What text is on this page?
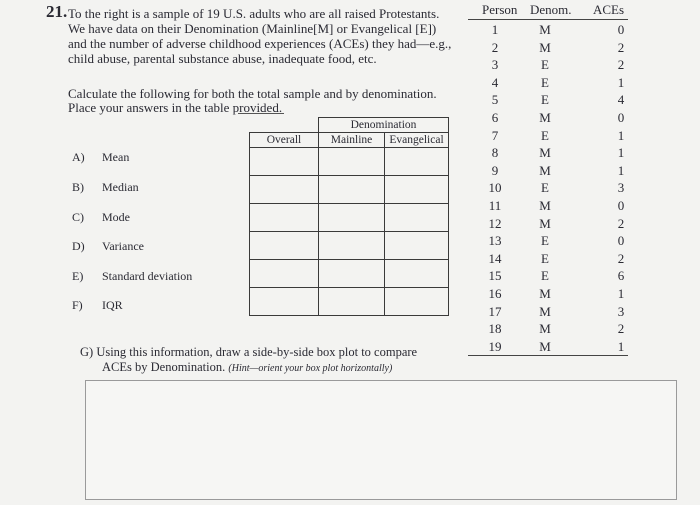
21. To the right is a sample of 19 U.S. adults who are all raised Protestants.
We have data on their Denomination (Mainline[M] or Evangelical [E])
and the number of adverse childhood experiences (ACEs) they had—e.g.,
child abuse, parental substance abuse, inadequate food, etc.
Calculate the following for both the total sample and by denomination.
Place your answers in the table provided.
	Denomination	
Overall	Mainline	Evangelical

A) Mean
B) Median
C) Mode
D) Variance
E) Standard deviation
F) IQR
G) Using this information, draw a side-by-side box plot to compare
ACEs by Denomination. (Hint—orient your box plot horizontally)
Person Denom. ACEs
1	M	0
2	M	2
3	E	2
4	E	1
5	E	4
6	M	0
7	E	1
8	M	1
9	M	1
10	E	3
11	M	0
12	M	2
13	E	0
14	E	2
15	E	6
16	M	1
17	M	3
18	M	2
19	M	1
